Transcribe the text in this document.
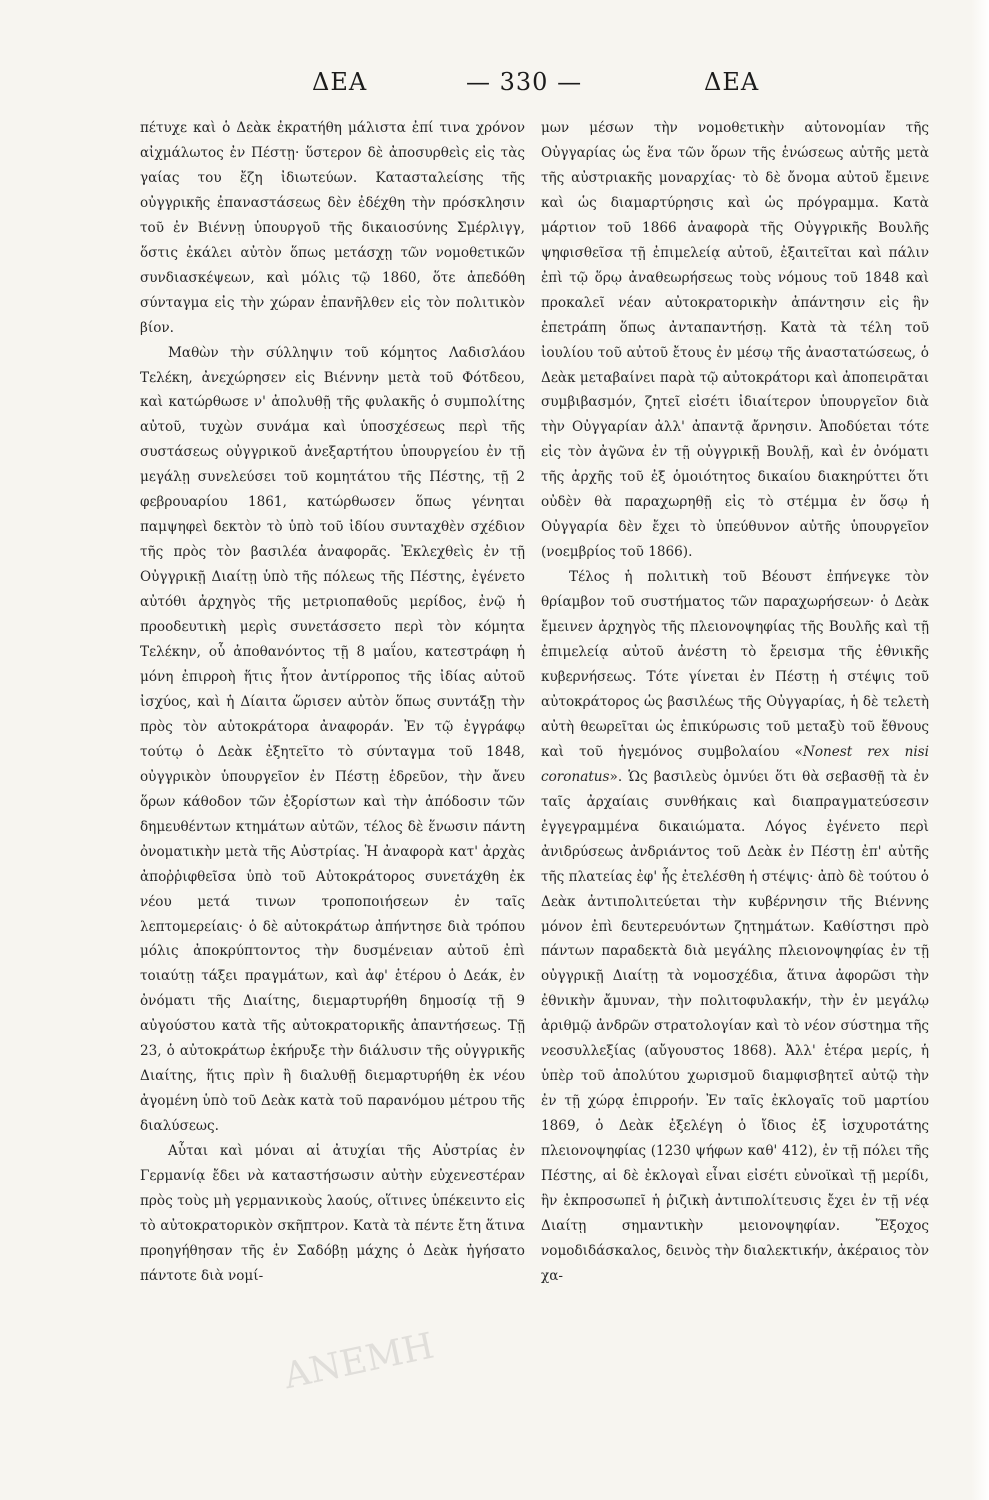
ΔΕΑ	— 330 —	ΔΕΑ

πέτυχε καὶ ὁ Δεὰκ ἐκρατήθη μάλιστα ἐπί τινα χρόνον αἰχμάλωτος ἐν Πέστῃ· ὕστερον δὲ ἀποσυρθεὶς εἰς τὰς γαίας του ἔζη ἰδιωτεύων. Κατασταλείσης τῆς οὐγγρικῆς ἐπαναστάσεως δὲν ἐδέχθη τὴν πρόσκλησιν τοῦ ἐν Βιέννῃ ὑπουργοῦ τῆς δικαιοσύνης Σμέρλιγγ, ὅστις ἐκάλει αὐτὸν ὅπως μετάσχῃ τῶν νομοθετικῶν συνδιασκέψεων, καὶ μόλις τῷ 1860, ὅτε ἀπεδόθη σύνταγμα εἰς τὴν χώραν ἐπανῆλθεν εἰς τὸν πολιτικὸν βίον.

Μαθὼν τὴν σύλληψιν τοῦ κόμητος Λαδισλάου Τελέκη, ἀνεχώρησεν εἰς Βιέννην μετὰ τοῦ Φότδεου, καὶ κατώρθωσε ν' ἀπολυθῇ τῆς φυλακῆς ὁ συμπολίτης αὐτοῦ, τυχὼν συνάμα καὶ ὑποσχέσεως περὶ τῆς συστάσεως οὐγγρικοῦ ἀνεξαρτήτου ὑπουργείου ἐν τῇ μεγάλῃ συνελεύσει τοῦ κομητάτου τῆς Πέστης, τῇ 2 φεβρουαρίου 1861, κατώρθωσεν ὅπως γένηται παμψηφεὶ δεκτὸν τὸ ὑπὸ τοῦ ἰδίου συνταχθὲν σχέδιον τῆς πρὸς τὸν βασιλέα ἀναφορᾶς. Ἐκλεχθεὶς ἐν τῇ Οὐγγρικῇ Διαίτῃ ὑπὸ τῆς πόλεως τῆς Πέστης, ἐγένετο αὐτόθι ἀρχηγὸς τῆς μετριοπαθοῦς μερίδος, ἐνῷ ἡ προοδευτικὴ μερὶς συνετάσσετο περὶ τὸν κόμητα Τελέκην, οὗ ἀποθανόντος τῇ 8 μαΐου, κατεστράφη ἡ μόνη ἐπιρροὴ ἥτις ἦτον ἀντίρροπος τῆς ἰδίας αὐτοῦ ἰσχύος, καὶ ἡ Δίαιτα ὥρισεν αὐτὸν ὅπως συντάξῃ τὴν πρὸς τὸν αὐτοκράτορα ἀναφοράν. Ἐν τῷ ἐγγράφῳ τούτῳ ὁ Δεὰκ ἐξητεῖτο τὸ σύνταγμα τοῦ 1848, οὐγγρικὸν ὑπουργεῖον ἐν Πέστῃ ἑδρεῦον, τὴν ἄνευ ὅρων κάθοδον τῶν ἐξορίστων καὶ τὴν ἀπόδοσιν τῶν δημευθέντων κτημάτων αὐτῶν, τέλος δὲ ἕνωσιν πάντη ὀνοματικὴν μετὰ τῆς Αὐστρίας. Ἡ ἀναφορὰ κατ' ἀρχὰς ἀποῤῥιφθεῖσα ὑπὸ τοῦ Αὐτοκράτορος συνετάχθη ἐκ νέου μετά τινων τροποποιήσεων ἐν ταῖς λεπτομερείαις· ὁ δὲ αὐτοκράτωρ ἀπήντησε διὰ τρόπου μόλις ἀποκρύπτοντος τὴν δυσμένειαν αὐτοῦ ἐπὶ τοιαύτῃ τάξει πραγμάτων, καὶ ἀφ' ἑτέρου ὁ Δεάκ, ἐν ὀνόματι τῆς Διαίτης, διεμαρτυρήθη δημοσίᾳ τῇ 9 αὐγούστου κατὰ τῆς αὐτοκρατορικῆς ἀπαντήσεως. Τῇ 23, ὁ αὐτοκράτωρ ἐκήρυξε τὴν διάλυσιν τῆς οὐγγρικῆς Διαίτης, ἥτις πρὶν ἢ διαλυθῇ διεμαρτυρήθη ἐκ νέου ἀγομένη ὑπὸ τοῦ Δεὰκ κατὰ τοῦ παρανόμου μέτρου τῆς διαλύσεως.

Αὗται καὶ μόναι αἱ ἀτυχίαι τῆς Αὐστρίας ἐν Γερμανίᾳ ἔδει νὰ καταστήσωσιν αὐτὴν εὐχενεστέραν πρὸς τοὺς μὴ γερμανικοὺς λαούς, οἵτινες ὑπέκειντο εἰς τὸ αὐτοκρατορικὸν σκῆπτρον. Κατὰ τὰ πέντε ἔτη ἅτινα προηγήθησαν τῆς ἐν Σαδόβῃ μάχης ὁ Δεὰκ ἠγήσατο πάντοτε διὰ νομί-

μων μέσων τὴν νομοθετικὴν αὐτονομίαν τῆς Οὐγγαρίας ὡς ἕνα τῶν ὅρων τῆς ἑνώσεως αὐτῆς μετὰ τῆς αὐστριακῆς μοναρχίας· τὸ δὲ ὄνομα αὐτοῦ ἔμεινε καὶ ὡς διαμαρτύρησις καὶ ὡς πρόγραμμα. Κατὰ μάρτιον τοῦ 1866 ἀναφορὰ τῆς Οὐγγρικῆς Βουλῆς ψηφισθεῖσα τῇ ἐπιμελείᾳ αὐτοῦ, ἐξαιτεῖται καὶ πάλιν ἐπὶ τῷ ὅρῳ ἀναθεωρήσεως τοὺς νόμους τοῦ 1848 καὶ προκαλεῖ νέαν αὐτοκρατορικὴν ἀπάντησιν εἰς ἣν ἐπετράπη ὅπως ἀνταπαντήσῃ. Κατὰ τὰ τέλη τοῦ ἰουλίου τοῦ αὐτοῦ ἔτους ἐν μέσῳ τῆς ἀναστατώσεως, ὁ Δεὰκ μεταβαίνει παρὰ τῷ αὐτοκράτορι καὶ ἀποπειρᾶται συμβιβασμόν, ζητεῖ εἰσέτι ἰδιαίτερον ὑπουργεῖον διὰ τὴν Οὐγγαρίαν ἀλλ' ἀπαντᾷ ἄρνησιν. Ἀποδύεται τότε εἰς τὸν ἀγῶνα ἐν τῇ οὐγγρικῇ Βουλῇ, καὶ ἐν ὀνόματι τῆς ἀρχῆς τοῦ ἐξ ὁμοιότητος δικαίου διακηρύττει ὅτι οὐδὲν θὰ παραχωρηθῇ εἰς τὸ στέμμα ἐν ὅσῳ ἡ Οὐγγαρία δὲν ἔχει τὸ ὑπεύθυνον αὐτῆς ὑπουργεῖον (νοεμβρίος τοῦ 1866).

Τέλος ἡ πολιτικὴ τοῦ Βέουστ ἐπήνεγκε τὸν θρίαμβον τοῦ συστήματος τῶν παραχωρήσεων· ὁ Δεὰκ ἔμεινεν ἀρχηγὸς τῆς πλειονοψηφίας τῆς Βουλῆς καὶ τῇ ἐπιμελείᾳ αὐτοῦ ἀνέστη τὸ ἔρεισμα τῆς ἐθνικῆς κυβερνήσεως. Τότε γίνεται ἐν Πέστῃ ἡ στέψις τοῦ αὐτοκράτορος ὡς βασιλέως τῆς Οὐγγαρίας, ἡ δὲ τελετὴ αὐτὴ θεωρεῖται ὡς ἐπικύρωσις τοῦ μεταξὺ τοῦ ἔθνους καὶ τοῦ ἡγεμόνος συμβολαίου «Nonest rex nisi coronatus». Ὡς βασιλεὺς ὀμνύει ὅτι θὰ σεβασθῇ τὰ ἐν ταῖς ἀρχαίαις συνθήκαις καὶ διαπραγματεύσεσιν ἐγγεγραμμένα δικαιώματα. Λόγος ἐγένετο περὶ ἀνιδρύσεως ἀνδριάντος τοῦ Δεὰκ ἐν Πέστῃ ἐπ' αὐτῆς τῆς πλατείας ἐφ' ἧς ἐτελέσθη ἡ στέψις· ἀπὸ δὲ τούτου ὁ Δεὰκ ἀντιπολιτεύεται τὴν κυβέρνησιν τῆς Βιέννης μόνον ἐπὶ δευτερευόντων ζητημάτων. Καθίστησι πρὸ πάντων παραδεκτὰ διὰ μεγάλης πλειονοψηφίας ἐν τῇ οὐγγρικῇ Διαίτῃ τὰ νομοσχέδια, ἅτινα ἀφορῶσι τὴν ἐθνικὴν ἄμυναν, τὴν πολιτοφυλακήν, τὴν ἐν μεγάλῳ ἀριθμῷ ἀνδρῶν στρατολογίαν καὶ τὸ νέον σύστημα τῆς νεοσυλλεξίας (αὔγουστος 1868). Ἀλλ' ἑτέρα μερίς, ἡ ὑπὲρ τοῦ ἀπολύτου χωρισμοῦ διαμφισβητεῖ αὐτῷ τὴν ἐν τῇ χώρᾳ ἐπιρροήν. Ἐν ταῖς ἐκλογαῖς τοῦ μαρτίου 1869, ὁ Δεὰκ ἐξελέγη ὁ ἴδιος ἐξ ἰσχυροτάτης πλειονοψηφίας (1230 ψήφων καθ' 412), ἐν τῇ πόλει τῆς Πέστης, αἱ δὲ ἐκλογαὶ εἶναι εἰσέτι εὐνοϊκαὶ τῇ μερίδι, ἣν ἐκπροσωπεῖ ἡ ῥιζικὴ ἀντιπολίτευσις ἔχει ἐν τῇ νέᾳ Διαίτῃ σημαντικὴν μειονοψηφίαν. Ἔξοχος νομοδιδάσκαλος, δεινὸς τὴν διαλεκτικήν, ἀκέραιος τὸν χα-

ΑΝΕΜΗ
